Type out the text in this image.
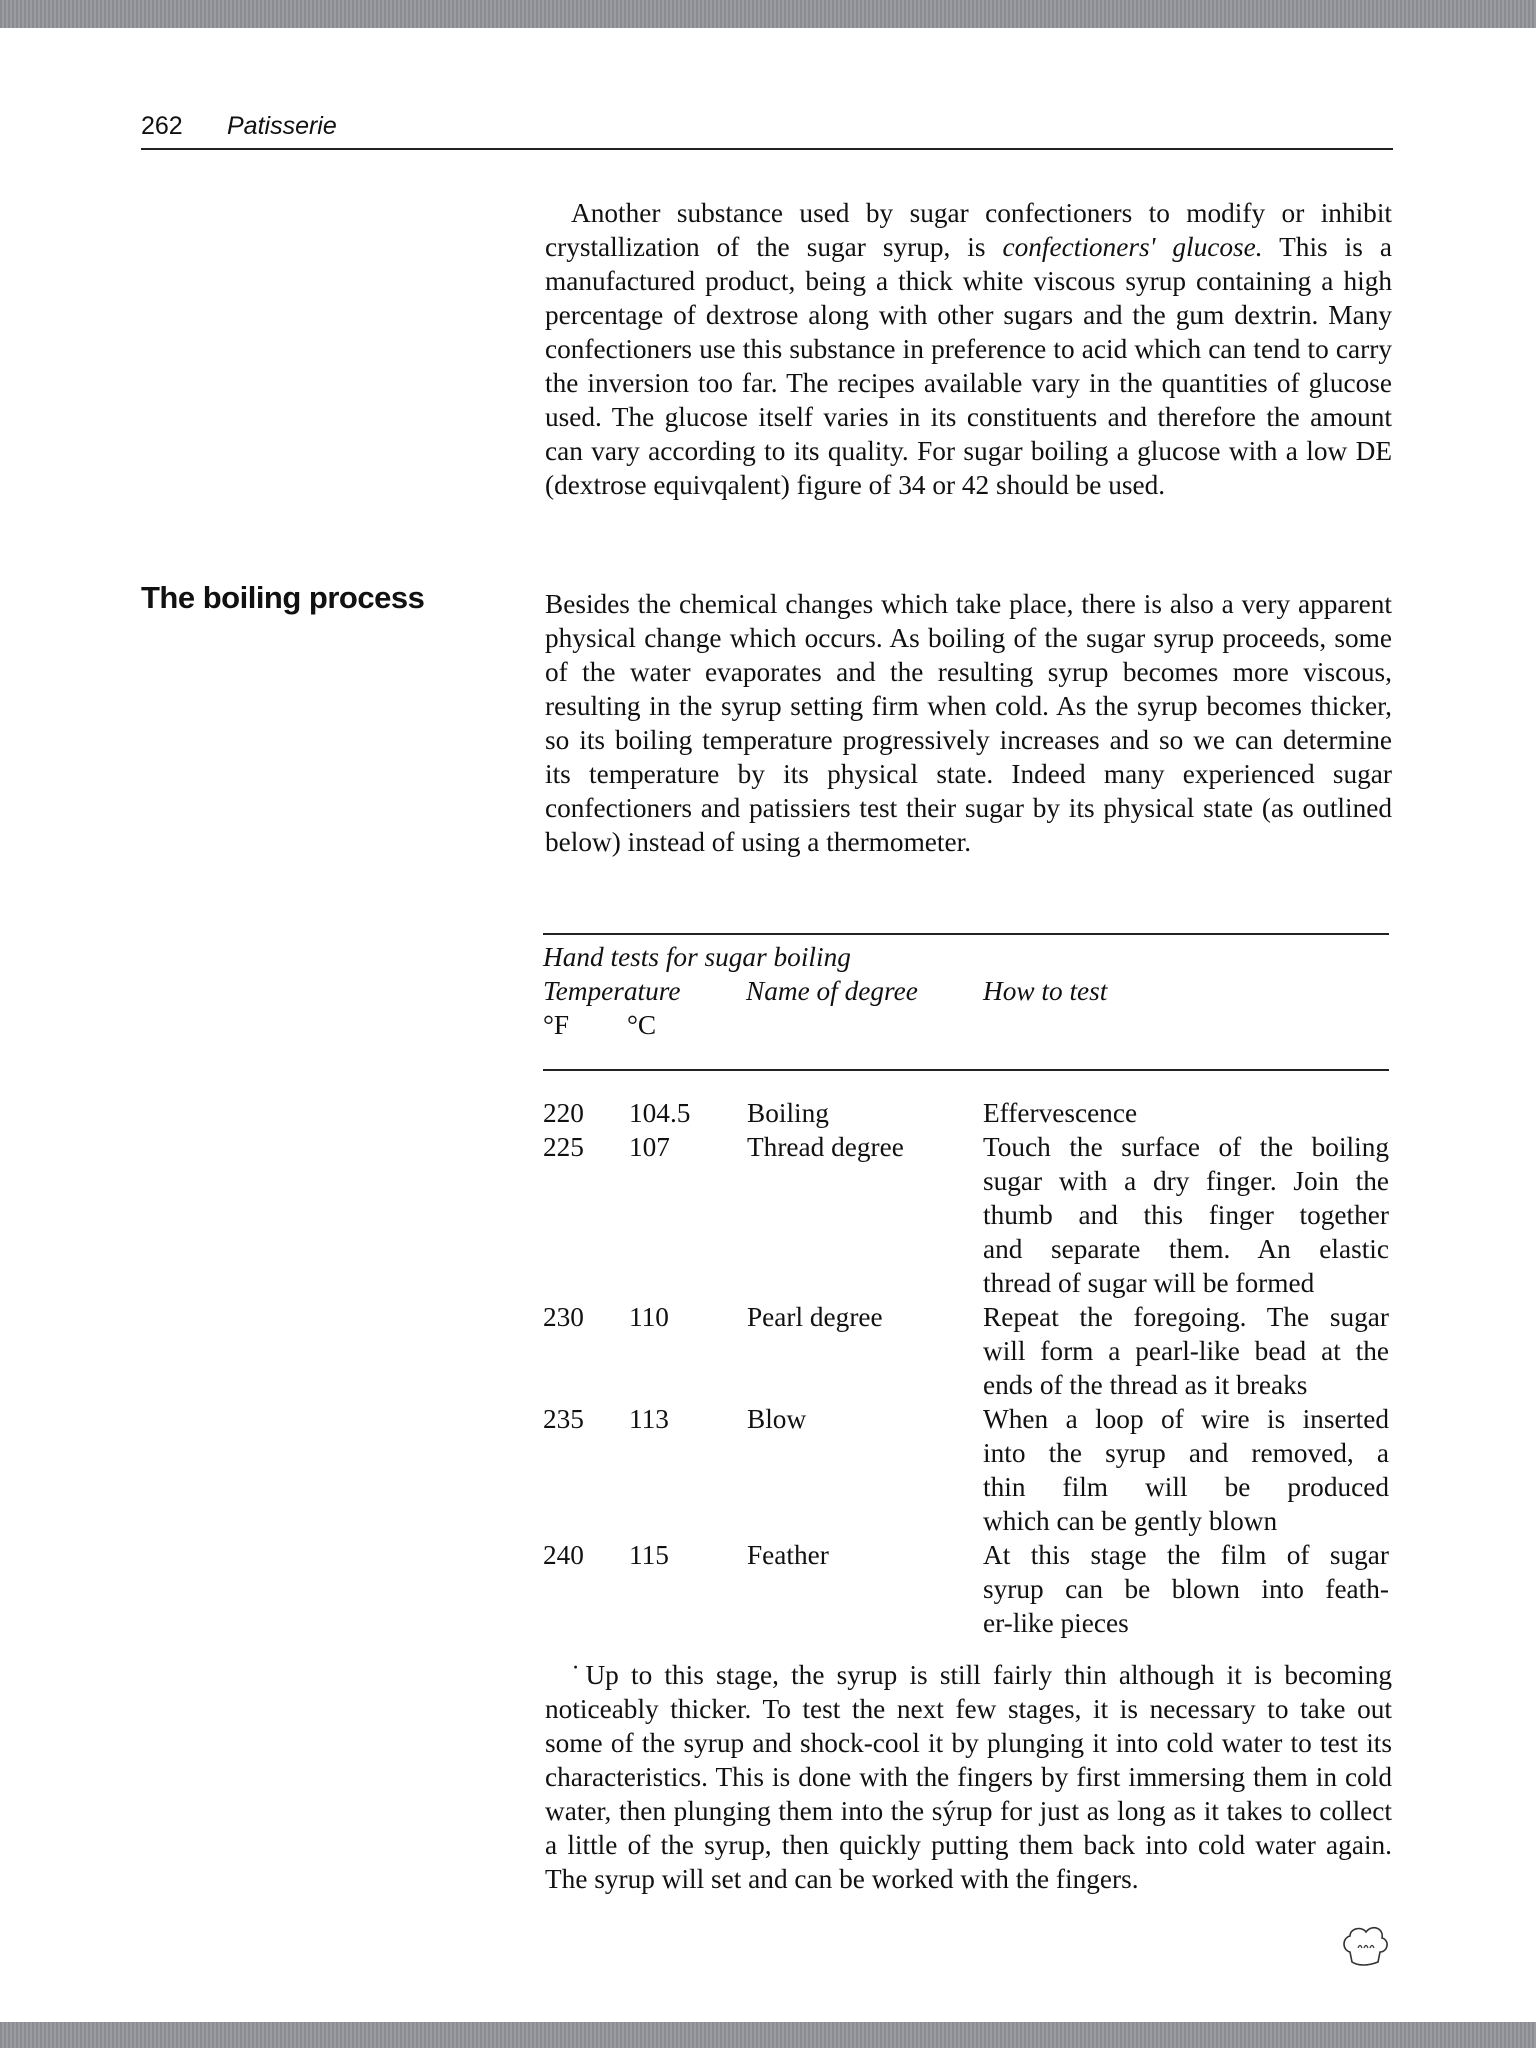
262 Patisserie

Another substance used by sugar confectioners to modify or inhibit crystallization of the sugar syrup, is confectioners' glucose. This is a manufactured product, being a thick white viscous syrup containing a high percentage of dextrose along with other sugars and the gum dextrin. Many confectioners use this substance in preference to acid which can tend to carry the inversion too far. The recipes available vary in the quantities of glucose used. The glucose itself varies in its constituents and therefore the amount can vary according to its quality. For sugar boiling a glucose with a low DE (dextrose equivqalent) figure of 34 or 42 should be used.

The boiling process	Besides the chemical changes which take place, there is also a very apparent physical change which occurs. As boiling of the sugar syrup proceeds, some of the water evaporates and the resulting syrup becomes more viscous, resulting in the syrup setting firm when cold. As the syrup becomes thicker, so its boiling temperature progressively increases and so we can determine its temperature by its physical state. Indeed many experienced sugar confectioners and patissiers test their sugar by its physical state (as outlined below) instead of using a thermometer.

Hand tests for sugar boiling
Temperature Name of degree How to test
°F °C
220 104.5 Boiling	Effervescence
225 107	Thread degree	Touch the surface of the boiling
sugar with a dry finger. Join the
thumb and this finger together
and separate them. An elastic
thread of sugar will be formed
230 110	Pearl degree	Repeat the foregoing. The sugar
will form a pearl-like bead at the
ends of the thread as it breaks
235 113	Blow	When a loop of wire is inserted
into the syrup and removed, a
thin film will be produced
which can be gently blown
240 115	Feather	At this stage the film of sugar
syrup can be blown into feath-
er-like pieces

˙Up to this stage, the syrup is still fairly thin although it is becoming noticeably thicker. To test the next few stages, it is necessary to take out some of the syrup and shock-cool it by plunging it into cold water to test its characteristics. This is done with the fingers by first immersing them in cold water, then plunging them into the sýrup for just as long as it takes to collect a little of the syrup, then quickly putting them back into cold water again. The syrup will set and can be worked with the fingers.
